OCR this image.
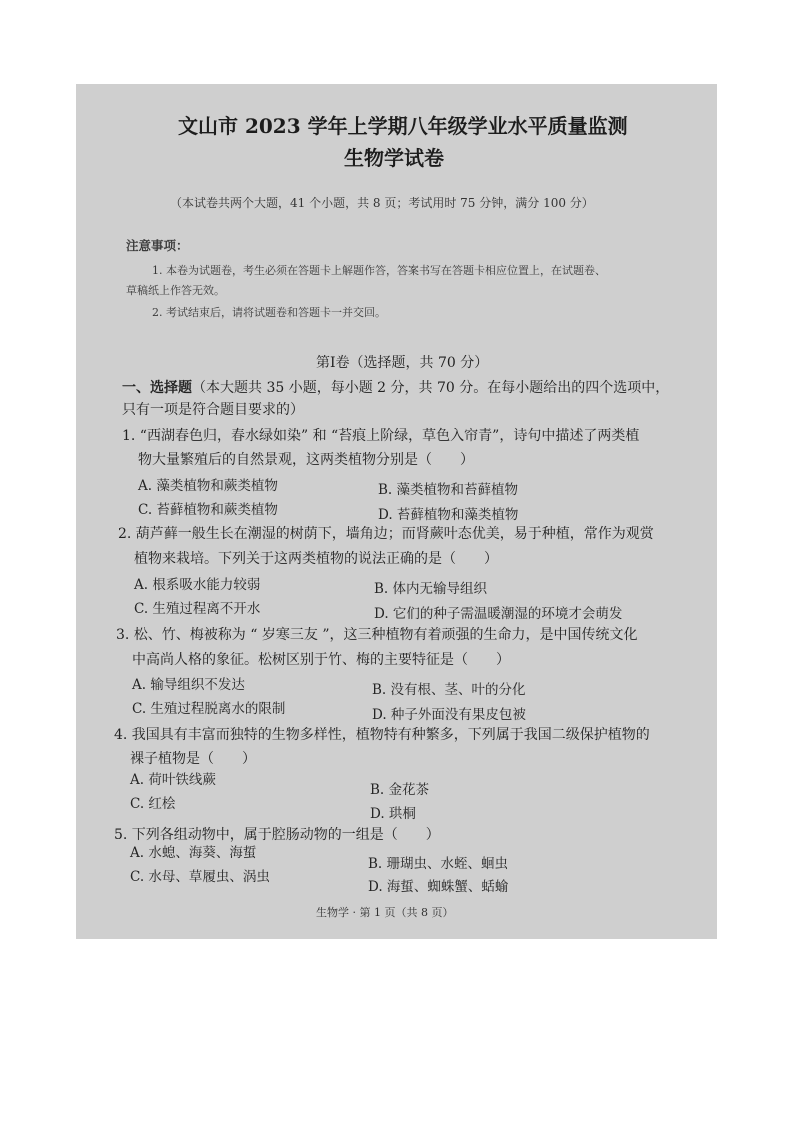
文山市 2023 学年上学期八年级学业水平质量监测
生物学试卷
（本试卷共两个大题，41 个小题，共 8 页；考试用时 75 分钟，满分 100 分）
注意事项：
1. 本卷为试题卷，考生必须在答题卡上解题作答，答案书写在答题卡相应位置上，在试题卷、
草稿纸上作答无效。
2. 考试结束后，请将试题卷和答题卡一并交回。
第Ⅰ卷（选择题，共 70 分）
一、选择题（本大题共 35 小题，每小题 2 分，共 70 分。在每小题给出的四个选项中，
只有一项是符合题目要求的）
1. “西湖春色归，春水绿如染” 和 “苔痕上阶绿，草色入帘青”，诗句中描述了两类植
物大量繁殖后的自然景观，这两类植物分别是（　　）
A. 藻类植物和蕨类植物	B. 藻类植物和苔藓植物
C. 苔藓植物和蕨类植物	D. 苔藓植物和藻类植物
2. 葫芦藓一般生长在潮湿的树荫下，墙角边；而肾蕨叶态优美，易于种植，常作为观赏
植物来栽培。下列关于这两类植物的说法正确的是（　　）
A. 根系吸水能力较弱	B. 体内无输导组织
C. 生殖过程离不开水	D. 它们的种子需温暖潮湿的环境才会萌发
3. 松、竹、梅被称为 “ 岁寒三友 ”，这三种植物有着顽强的生命力，是中国传统文化
中高尚人格的象征。松树区别于竹、梅的主要特征是（　　）
A. 输导组织不发达	B. 没有根、茎、叶的分化
C. 生殖过程脱离水的限制	D. 种子外面没有果皮包被
4. 我国具有丰富而独特的生物多样性，植物特有种繁多，下列属于我国二级保护植物的
裸子植物是（　　）
A. 荷叶铁线蕨
B. 金花茶
C. 红桧
D. 珙桐
5. 下列各组动物中，属于腔肠动物的一组是（　　）
A. 水螅、海葵、海蜇
B. 珊瑚虫、水蛭、蛔虫
C. 水母、草履虫、涡虫
D. 海蜇、蜘蛛蟹、蛞蝓
生物学 · 第 1 页（共 8 页）
